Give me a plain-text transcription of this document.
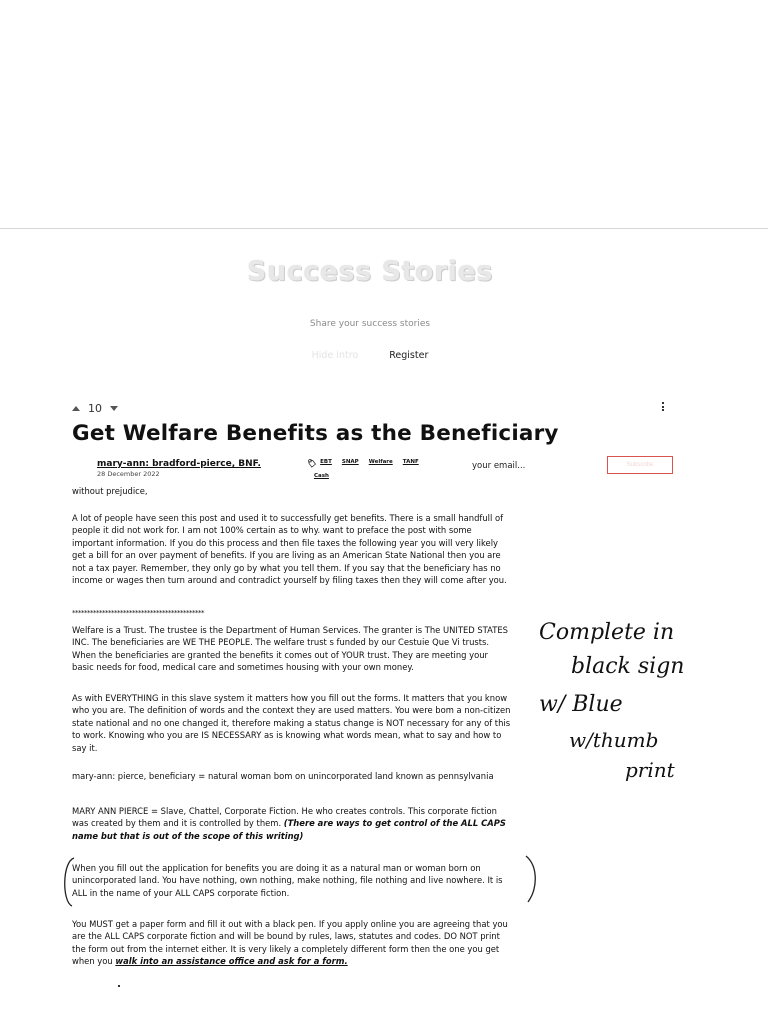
Success Stories
Share your success stories
Hide intro	Register
10
Get Welfare Benefits as the Beneficiary
mary-ann: bradford-pierce, BNF.
28 December 2022
🏷 EBT SNAP Welfare TANF
Cash
your email...
Subscribe
without prejudice,
A lot of people have seen this post and used it to successfully get benefits. There is a small handfull of people it did not work for. I am not 100% certain as to why. want to preface the post with some important information. If you do this process and then file taxes the following year you will very likely get a bill for an over payment of benefits. If you are living as an American State National then you are not a tax payer. Remember, they only go by what you tell them. If you say that the beneficiary has no income or wages then turn around and contradict yourself by filing taxes then they will come after you.
********************************************
Welfare is a Trust. The trustee is the Department of Human Services. The granter is The UNITED STATES INC. The beneficiaries are WE THE PEOPLE. The welfare trust s funded by our Cestuie Que Vi trusts. When the beneficiaries are granted the benefits it comes out of YOUR trust. They are meeting your basic needs for food, medical care and sometimes housing with your own money.
As with EVERYTHING in this slave system it matters how you fill out the forms. It matters that you know who you are. The definition of words and the context they are used matters. You were bom a non-citizen state national and no one changed it, therefore making a status change is NOT necessary for any of this to work. Knowing who you are IS NECESSARY as is knowing what words mean, what to say and how to say it.
mary-ann: pierce, beneficiary = natural woman bom on unincorporated land known as pennsylvania
MARY ANN PIERCE = Slave, Chattel, Corporate Fiction. He who creates controls. This corporate fiction was created by them and it is controlled by them. (There are ways to get control of the ALL CAPS name but that is out of the scope of this writing)
When you fill out the application for benefits you are doing it as a natural man or woman born on unincorporated land. You have nothing, own nothing, make nothing, file nothing and live nowhere. It is ALL in the name of your ALL CAPS corporate fiction.
You MUST get a paper form and fill it out with a black pen. If you apply online you are agreeing that you are the ALL CAPS corporate fiction and will be bound by rules, laws, statutes and codes. DO NOT print the form out from the internet either. It is very likely a completely different form then the one you get when you walk into an assistance office and ask for a form.
Complete in
black sign
w/ Blue
w/thumb
print
